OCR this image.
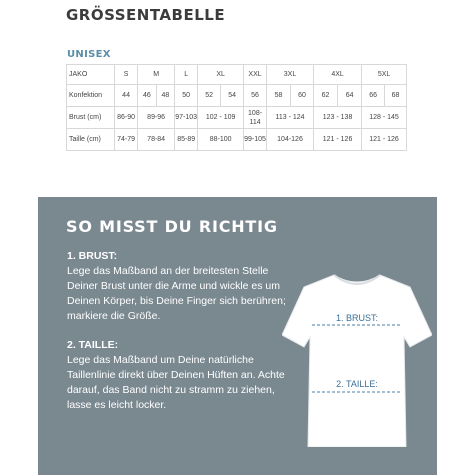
GRÖSSENTABELLE
UNISEX
JAKO	S	M		L	XL		XXL	3XL		4XL		5XL	
Konfektion	44	46	48	50	52	54	56	58	60	62	64	66	68
Brust (cm)	86-90	89-96		97-103	102 - 109		108-114	113 - 124		123 - 138		128 - 145	
Taille (cm)	74-79	78-84		85-89	88-100		99-105	104-126		121 - 126		121 - 126	
SO MISST DU RICHTIG
1. BRUST:
Lege das Maßband an der breitesten Stelle Deiner Brust unter die Arme und wickle es um Deinen Körper, bis Deine Finger sich berühren; markiere die Größe.
2. TAILLE:
Lege das Maßband um Deine natürliche Taillenlinie direkt über Deinen Hüften an. Achte darauf, das Band nicht zu stramm zu ziehen, lasse es leicht locker.
1. BRUST:
2. TAILLE:
